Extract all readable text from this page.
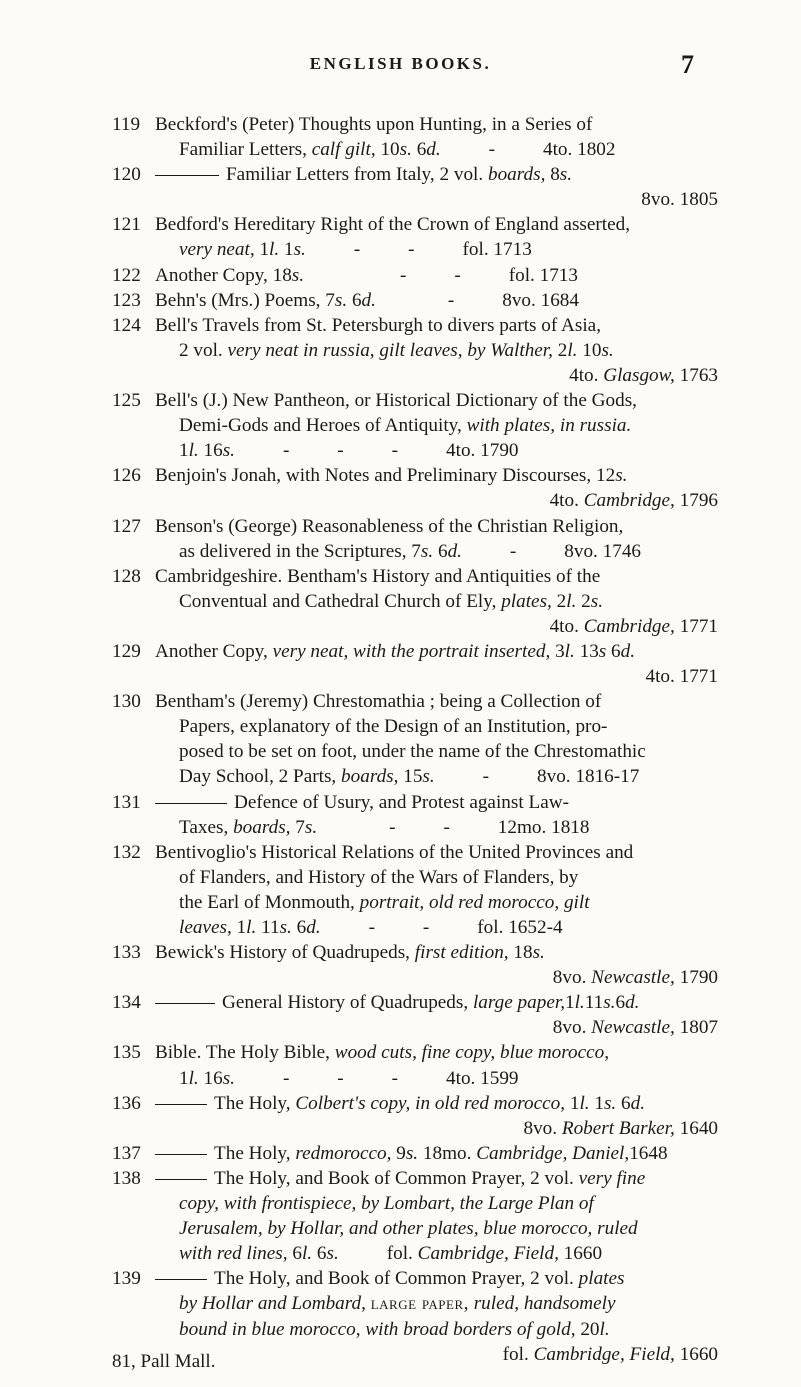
ENGLISH BOOKS.	7
119 Beckford's (Peter) Thoughts upon Hunting, in a Series of
Familiar Letters, calf gilt, 10s. 6d.          -          4to. 1802
120	Familiar Letters from Italy, 2 vol. boards, 8s.
8vo. 1805
121 Bedford's Hereditary Right of the Crown of England asserted,
very neat, 1l. 1s.          -          -          fol. 1713
122 Another Copy, 18s.                    -          -          fol. 1713
123 Behn's (Mrs.) Poems, 7s. 6d.               -          8vo. 1684
124 Bell's Travels from St. Petersburgh to divers parts of Asia,
2 vol. very neat in russia, gilt leaves, by Walther, 2l. 10s.
4to. Glasgow, 1763
125 Bell's (J.) New Pantheon, or Historical Dictionary of the Gods,
Demi-Gods and Heroes of Antiquity, with plates, in russia.
1l. 16s.          -          -          -          4to. 1790
126 Benjoin's Jonah, with Notes and Preliminary Discourses, 12s.
4to. Cambridge, 1796
127 Benson's (George) Reasonableness of the Christian Religion,
as delivered in the Scriptures, 7s. 6d.          -          8vo. 1746
128 Cambridgeshire. Bentham's History and Antiquities of the
Conventual and Cathedral Church of Ely, plates, 2l. 2s.
4to. Cambridge, 1771
129 Another Copy, very neat, with the portrait inserted, 3l. 13s 6d.
4to. 1771
130 Bentham's (Jeremy) Chrestomathia ; being a Collection of
Papers, explanatory of the Design of an Institution, pro-
posed to be set on foot, under the name of the Chrestomathic
Day School, 2 Parts, boards, 15s.          -          8vo. 1816-17
131	Defence of Usury, and Protest against Law-
Taxes, boards, 7s.               -          -          12mo. 1818
132 Bentivoglio's Historical Relations of the United Provinces and
of Flanders, and History of the Wars of Flanders, by
the Earl of Monmouth, portrait, old red morocco, gilt
leaves, 1l. 11s. 6d.          -          -          fol. 1652-4
133 Bewick's History of Quadrupeds, first edition, 18s.
8vo. Newcastle, 1790
134	General History of Quadrupeds, large paper,1l.11s.6d.
8vo. Newcastle, 1807
135 Bible. The Holy Bible, wood cuts, fine copy, blue morocco,
1l. 16s.          -          -          -          4to. 1599
136	The Holy, Colbert's copy, in old red morocco, 1l. 1s. 6d.
8vo. Robert Barker, 1640
137	The Holy, redmorocco, 9s. 18mo. Cambridge, Daniel,1648
138	The Holy, and Book of Common Prayer, 2 vol. very fine
copy, with frontispiece, by Lombart, the Large Plan of
Jerusalem, by Hollar, and other plates, blue morocco, ruled
with red lines, 6l. 6s.          fol. Cambridge, Field, 1660
139	The Holy, and Book of Common Prayer, 2 vol. plates
by Hollar and Lombard, large paper, ruled, handsomely
bound in blue morocco, with broad borders of gold, 20l.
fol. Cambridge, Field, 1660
81, Pall Mall.
